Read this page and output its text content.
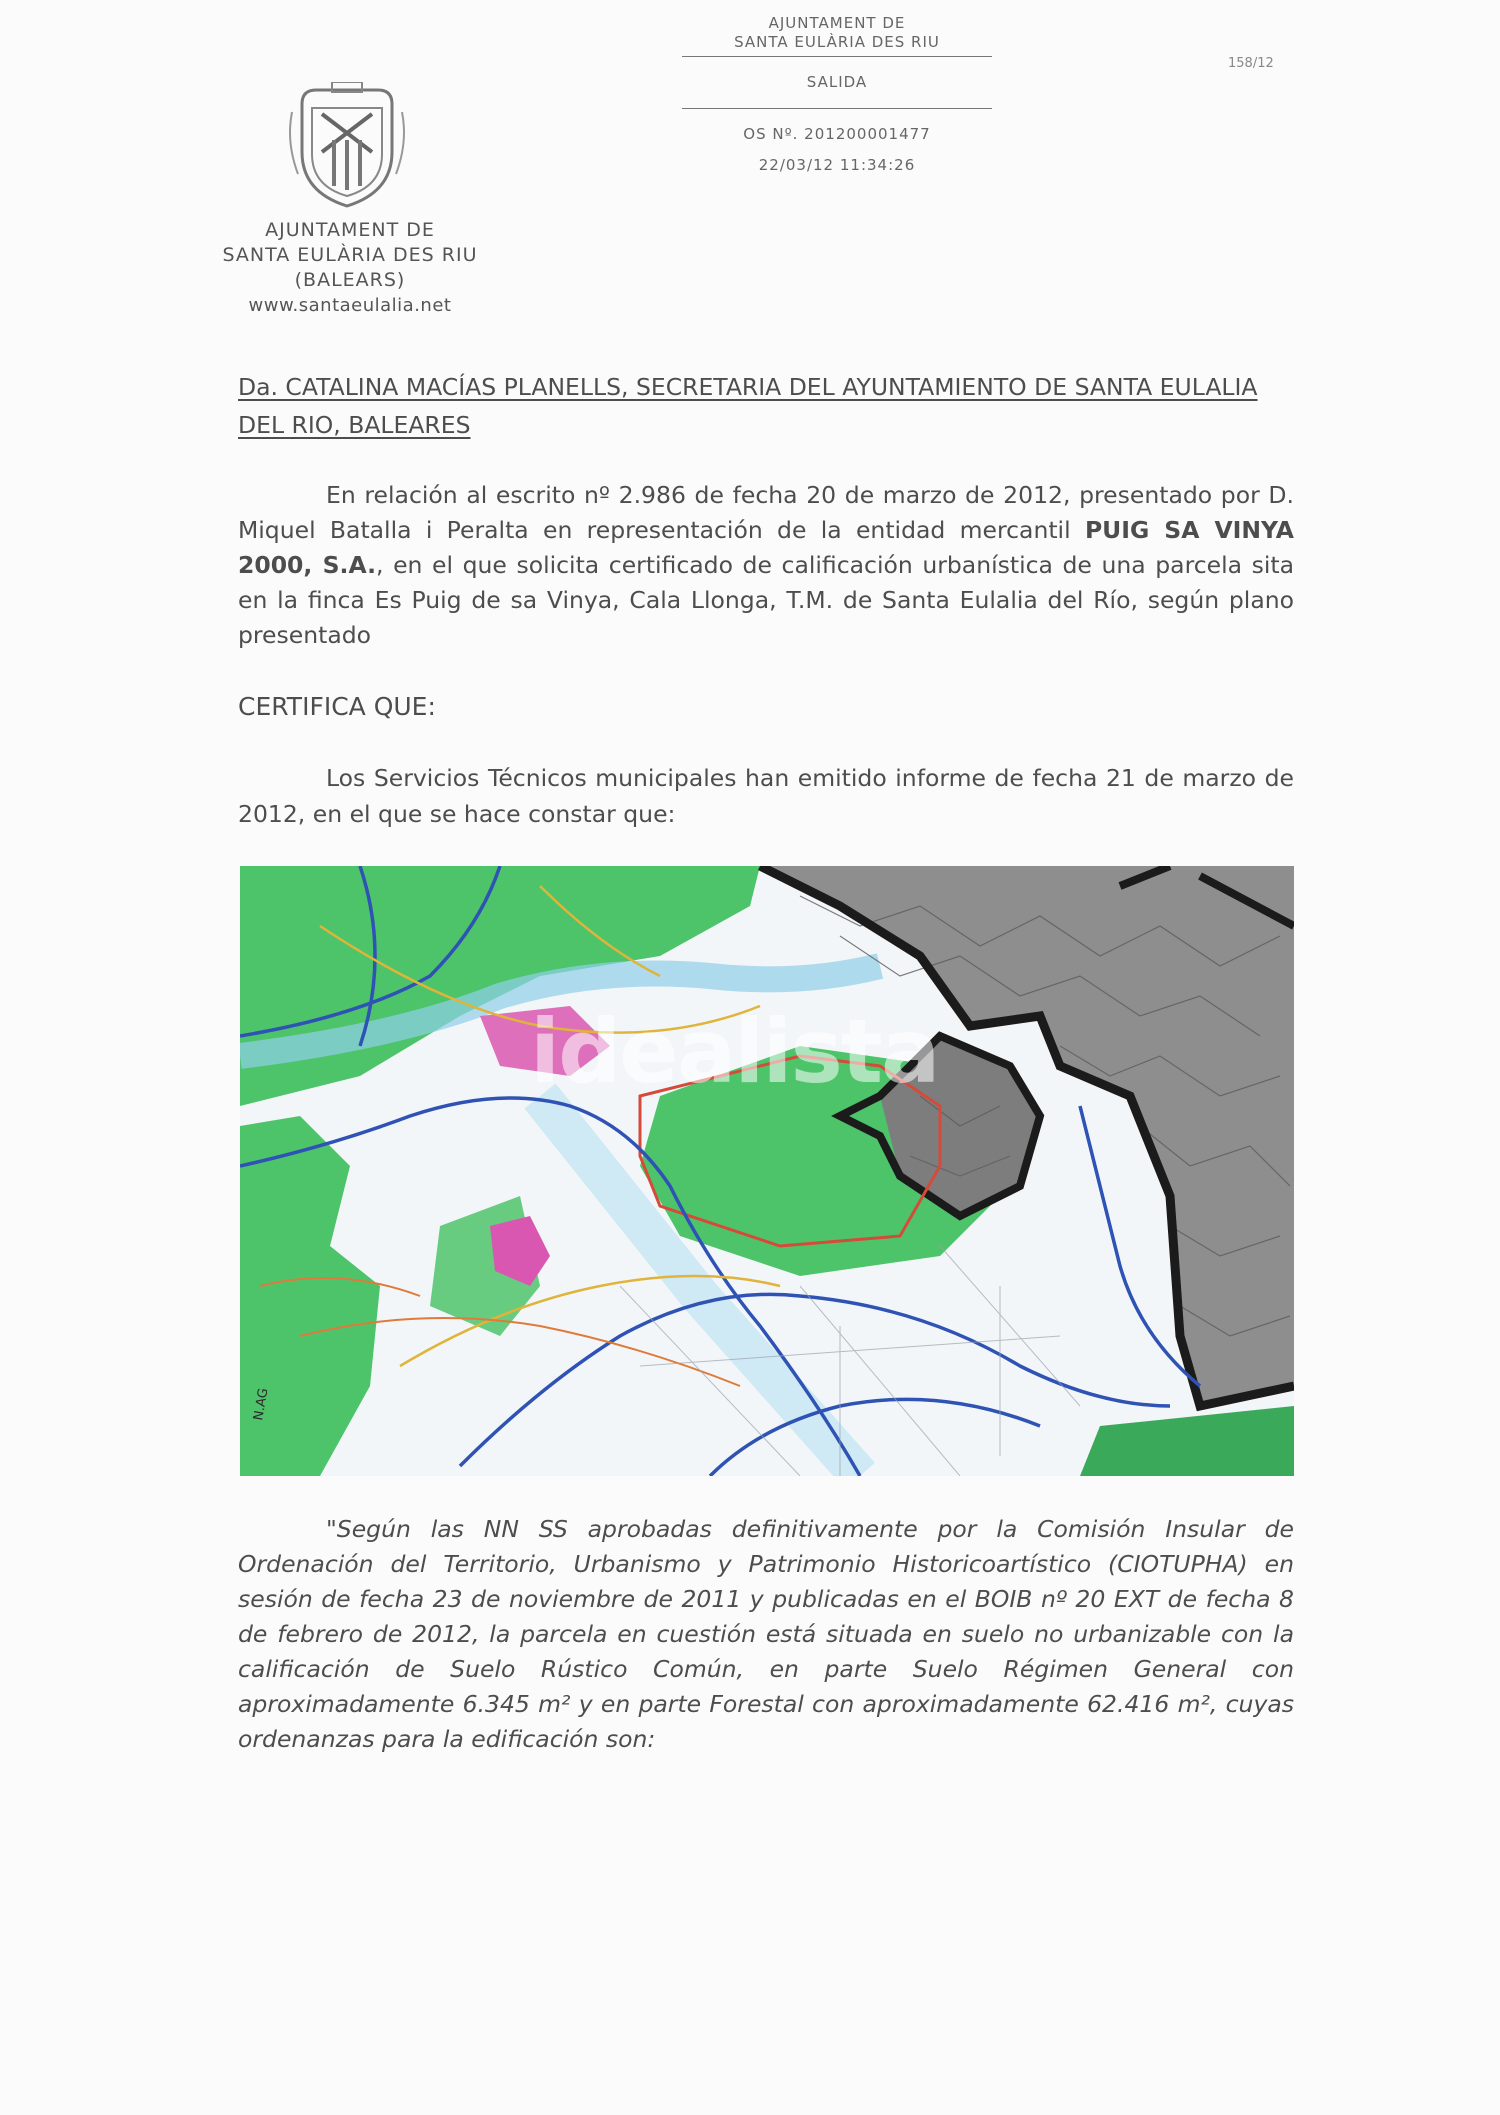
AJUNTAMENT DE
SANTA EULÀRIA DES RIU
(BALEARS)
www.santaeulalia.net
AJUNTAMENT DE
SANTA EULÀRIA DES RIU
SALIDA
OS Nº. 201200001477
22/03/12 11:34:26
158/12
Da. CATALINA MACÍAS PLANELLS, SECRETARIA DEL AYUNTAMIENTO DE SANTA EULALIA DEL RIO, BALEARES
En relación al escrito nº 2.986 de fecha 20 de marzo de 2012, presentado por D. Miquel Batalla i Peralta en representación de la entidad mercantil PUIG SA VINYA 2000, S.A., en el que solicita certificado de calificación urbanística de una parcela sita en la finca Es Puig de sa Vinya, Cala Llonga, T.M. de Santa Eulalia del Río, según plano presentado
CERTIFICA QUE:
Los Servicios Técnicos municipales han emitido informe de fecha 21 de marzo de 2012, en el que se hace constar que:
N.AG
idealista
"Según las NN SS aprobadas definitivamente por la Comisión Insular de Ordenación del Territorio, Urbanismo y Patrimonio Historicoartístico (CIOTUPHA) en sesión de fecha 23 de noviembre de 2011 y publicadas en el BOIB nº 20 EXT de fecha 8 de febrero de 2012, la parcela en cuestión está situada en suelo no urbanizable con la calificación de Suelo Rústico Común, en parte Suelo Régimen General con aproximadamente 6.345 m² y en parte Forestal con aproximadamente 62.416 m², cuyas ordenanzas para la edificación son:
